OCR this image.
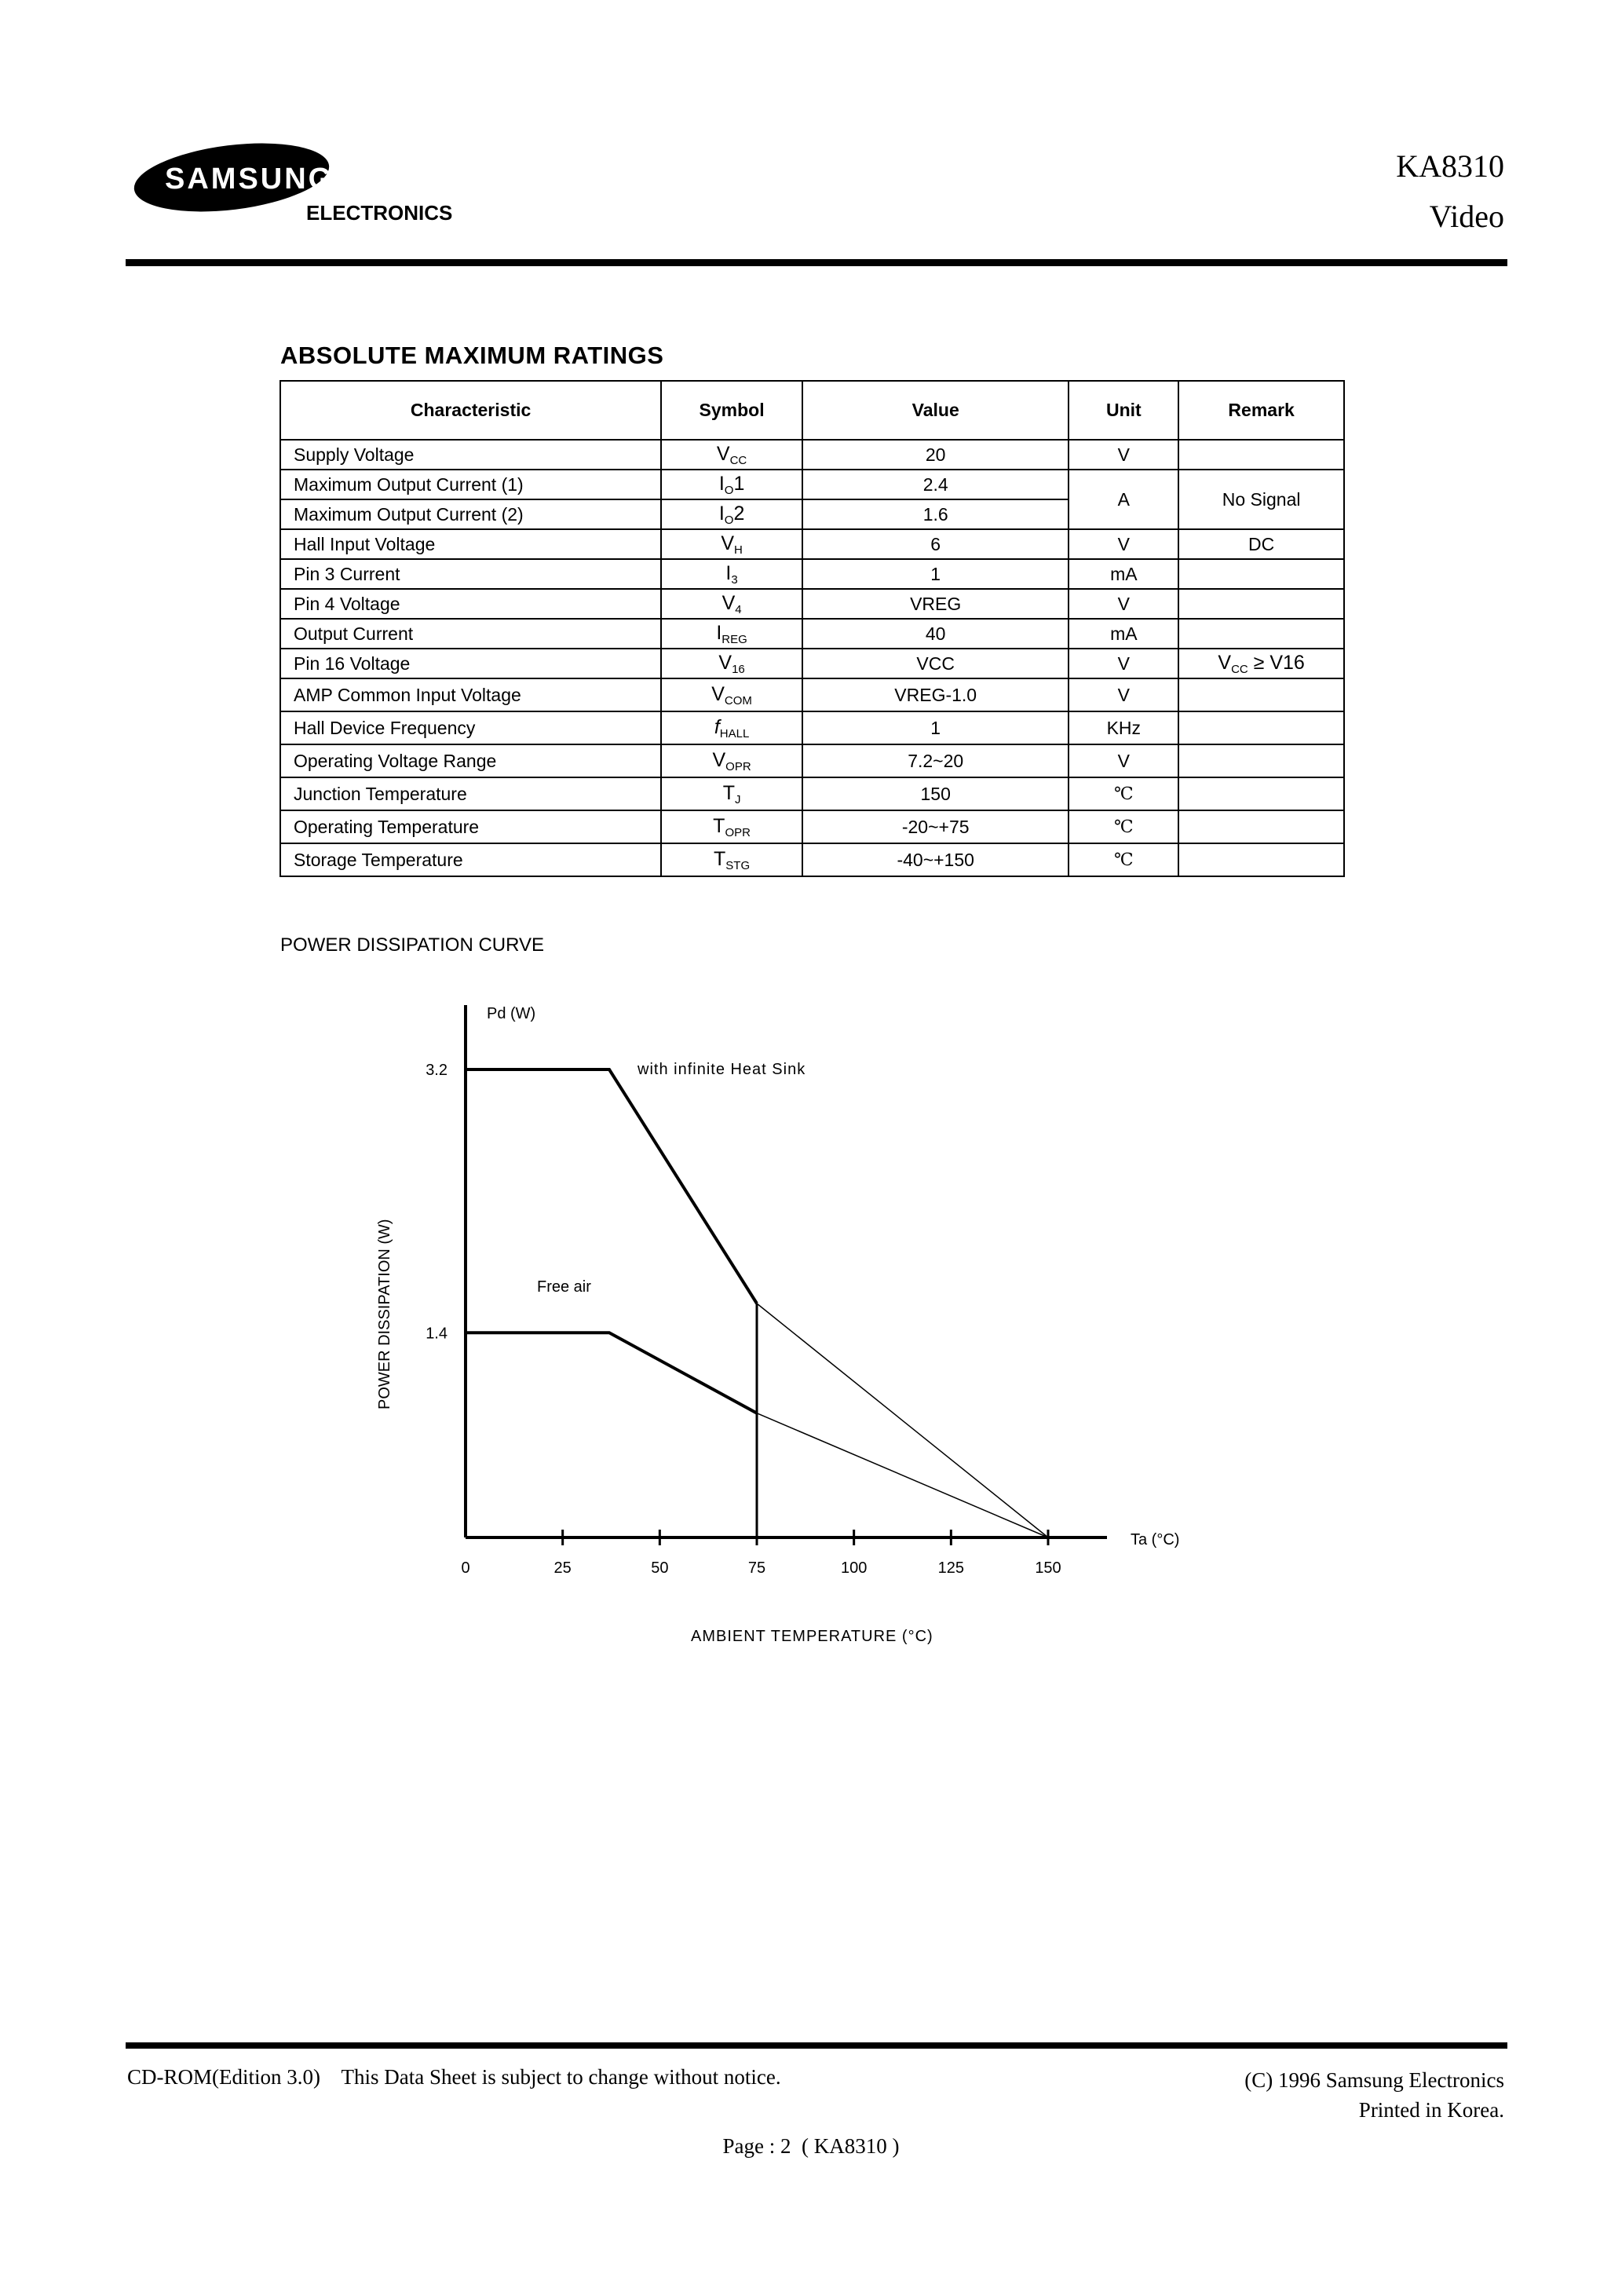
SAMSUNG
ELECTRONICS
KA8310
Video
ABSOLUTE MAXIMUM RATINGS
Characteristic	Symbol	Value	Unit	Remark
Supply Voltage	$V_{CC}$	20	V	
Maximum Output Current (1)	$I_O1$	2.4	A	No Signal
Maximum Output Current (2)	$I_O2$	1.6		
Hall Input Voltage	$V_H$	6	V	DC
Pin 3 Current	$I_3$	1	mA	
Pin 4 Voltage	$V_4$	VREG	V	
Output Current	$I_{REG}$	40	mA	
Pin 16 Voltage	$V_{16}$	VCC	V	$V_{CC} \ge V16$
AMP Common Input Voltage	$V_{COM}$	VREG-1.0	V	
Hall Device Frequency	$f_{HALL}$	1	KHz	
Operating Voltage Range	$V_{OPR}$	7.2~20	V	
Junction Temperature	$T_J$	150	℃	
Operating Temperature	$T_{OPR}$	-20~+75	℃	
Storage Temperature	$T_{STG}$	-40~+150	℃	
POWER DISSIPATION CURVE
0	25	50	75	100	125	150
1.4
3.2
Pd (W)
Ta (°C)
AMBIENT TEMPERATURE (°C)
POWER DISSIPATION (W)
with infinite Heat Sink
Free air
CD-ROM(Edition 3.0)    This Data Sheet is subject to change without notice.	(C) 1996 Samsung Electronics
Printed in Korea.
Page : 2  ( KA8310 )
